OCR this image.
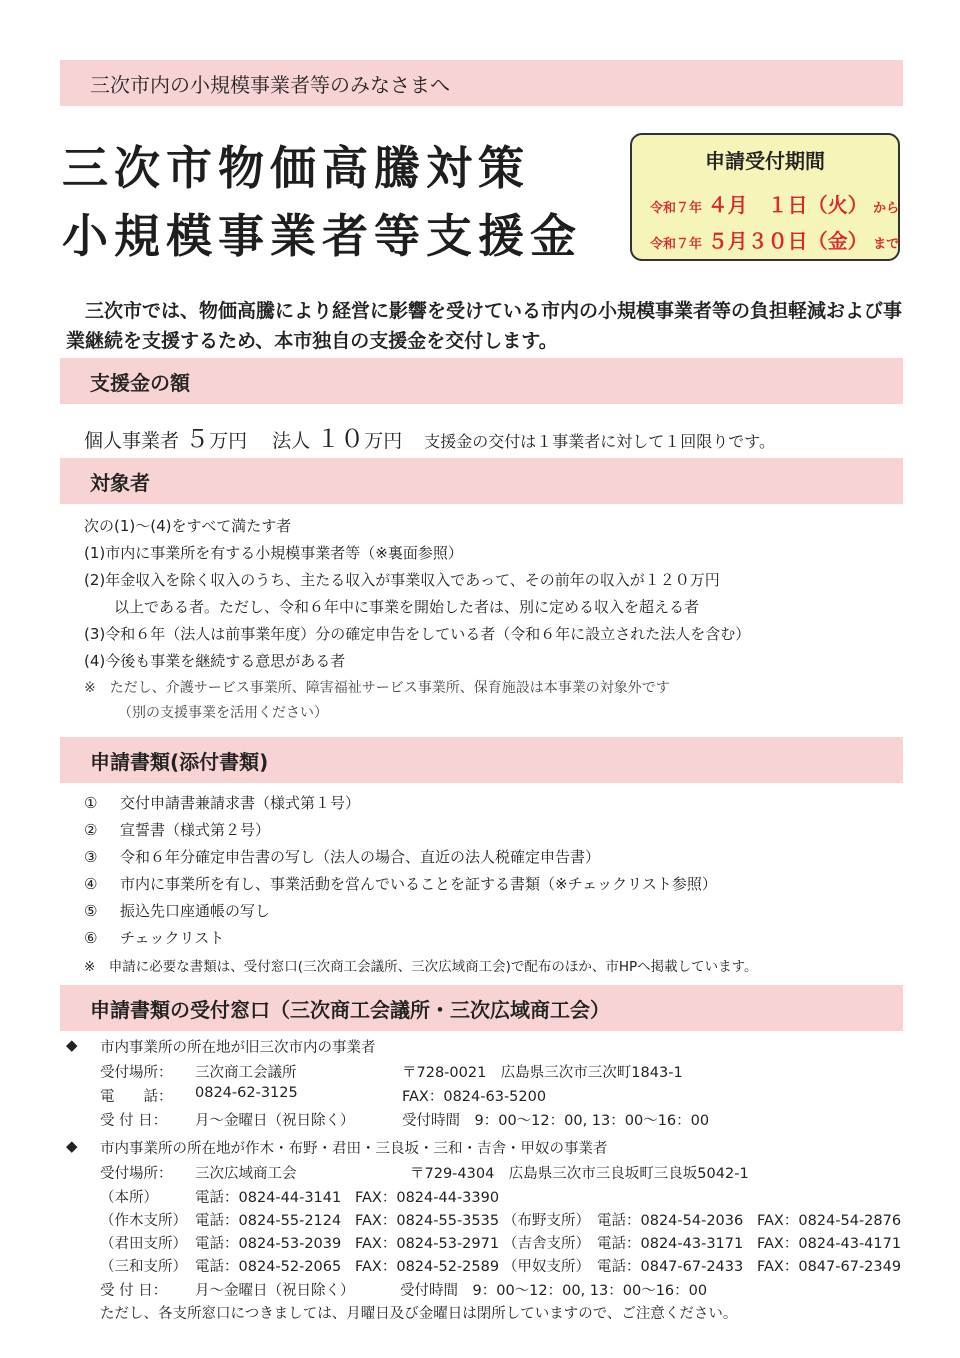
三次市内の小規模事業者等のみなさまへ
三次市物価高騰対策
小規模事業者等支援金
申請受付期間
令和７年 ４月　１日（火） から
令和７年 ５月３０日（金） まで
　三次市では、物価高騰により経営に影響を受けている市内の小規模事業者等の負担軽減および事業継続を支援するため、本市独自の支援金を交付します。
支援金の額
個人事業者 ５万円 　 法人 １０万円 支援金の交付は１事業者に対して１回限りです。
対象者
次の(1)～(4)をすべて満たす者
(1)市内に事業所を有する小規模事業者等（※裏面参照）
(2)年金収入を除く収入のうち、主たる収入が事業収入であって、その前年の収入が１２０万円
以上である者。ただし、令和６年中に事業を開始した者は、別に定める収入を超える者
(3)令和６年（法人は前事業年度）分の確定申告をしている者（令和６年に設立された法人を含む）
(4)今後も事業を継続する意思がある者
※　ただし、介護サービス事業所、障害福祉サービス事業所、保育施設は本事業の対象外です
（別の支援事業を活用ください）
申請書類(添付書類)
① 交付申請書兼請求書（様式第１号）
② 宣誓書（様式第２号）
③ 令和６年分確定申告書の写し（法人の場合、直近の法人税確定申告書）
④ 市内に事業所を有し、事業活動を営んでいることを証する書類（※チェックリスト参照）
⑤ 振込先口座通帳の写し
⑥ チェックリスト
※　申請に必要な書類は、受付窓口(三次商工会議所、三次広域商工会)で配布のほか、市HPへ掲載しています。
申請書類の受付窓口（三次商工会議所・三次広域商工会）
◆ 市内事業所の所在地が旧三次市内の事業者
受付場所： 三次商工会議所	〒728-0021　広島県三次市三次町1843-1
電　　話： 0824-62-3125	FAX：0824-63-5200
受 付 日： 月～金曜日（祝日除く）	受付時間　9：00～12：00, 13：00～16：00
◆ 市内事業所の所在地が作木・布野・君田・三良坂・三和・吉舎・甲奴の事業者
受付場所： 三次広域商工会	〒729-4304　広島県三次市三良坂町三良坂5042-1
（本所）	電話：0824-44-3141 FAX：0824-44-3390
（作木支所） 電話：0824-55-2124 FAX：0824-55-3535 （布野支所） 電話：0824-54-2036 FAX：0824-54-2876
（君田支所） 電話：0824-53-2039 FAX：0824-53-2971 （吉舎支所） 電話：0824-43-3171 FAX：0824-43-4171
（三和支所） 電話：0824-52-2065 FAX：0824-52-2589 （甲奴支所） 電話：0847-67-2433 FAX：0847-67-2349
受 付 日： 月～金曜日（祝日除く）	受付時間　9：00～12：00, 13：00～16：00
ただし、各支所窓口につきましては、月曜日及び金曜日は閉所していますので、ご注意ください。
